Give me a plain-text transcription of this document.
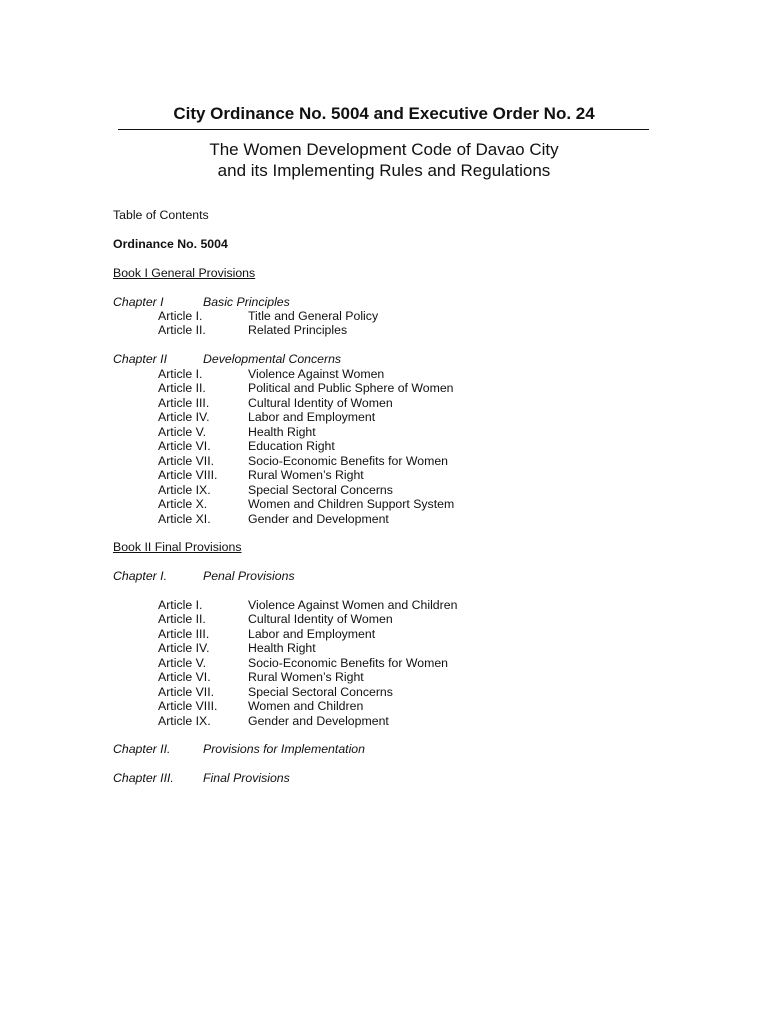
City Ordinance No. 5004 and Executive Order No. 24
The Women Development Code of Davao City
and its Implementing Rules and Regulations
Table of Contents
Ordinance No. 5004
Book I General Provisions
Chapter I	Basic Principles
Article I.	Title and General Policy
Article II.	Related Principles
Chapter II	Developmental Concerns
Article I.	Violence Against Women
Article II.	Political and Public Sphere of Women
Article III.	Cultural Identity of Women
Article IV.	Labor and Employment
Article V.	Health Right
Article VI.	Education Right
Article VII.	Socio-Economic Benefits for Women
Article VIII. Rural Women’s Right
Article IX.	Special Sectoral Concerns
Article X.	Women and Children Support System
Article XI.	Gender and Development
Book II Final Provisions
Chapter I.	Penal Provisions
Article I.	Violence Against Women and Children
Article II.	Cultural Identity of Women
Article III.	Labor and Employment
Article IV.	Health Right
Article V.	Socio-Economic Benefits for Women
Article VI.	Rural Women’s Right
Article VII.	Special Sectoral Concerns
Article VIII. Women and Children
Article IX.	Gender and Development
Chapter II.	Provisions for Implementation
Chapter III. Final Provisions
